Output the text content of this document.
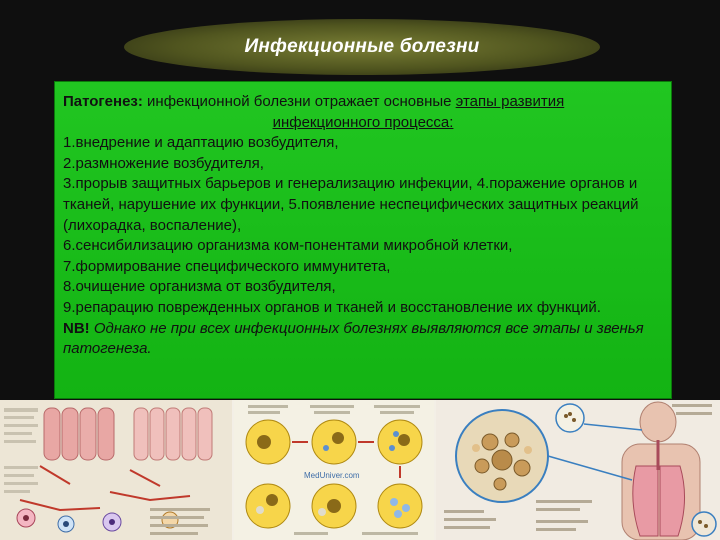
Инфекционные болезни
Патогенез: инфекционной болезни отражает основные этапы развития
инфекционного процесса:
1.внедрение и адаптацию возбудителя,
2.размножение возбудителя,
3.прорыв защитных барьеров и генерализацию инфекции, 4.поражение органов и тканей, нарушение их функции, 5.появление неспецифических защитных реакций (лихорадка, воспаление),
6.сенсибилизацию организма ком-понентами микробной клетки,
7.формирование специфического иммунитета,
8.очищение организма от возбудителя,
9.репарацию поврежденных органов и тканей и восстановление их функций.
NB! Однако не при всех инфекционных болезнях выявляются все этапы и звенья патогенеза.
MedUniver.com
